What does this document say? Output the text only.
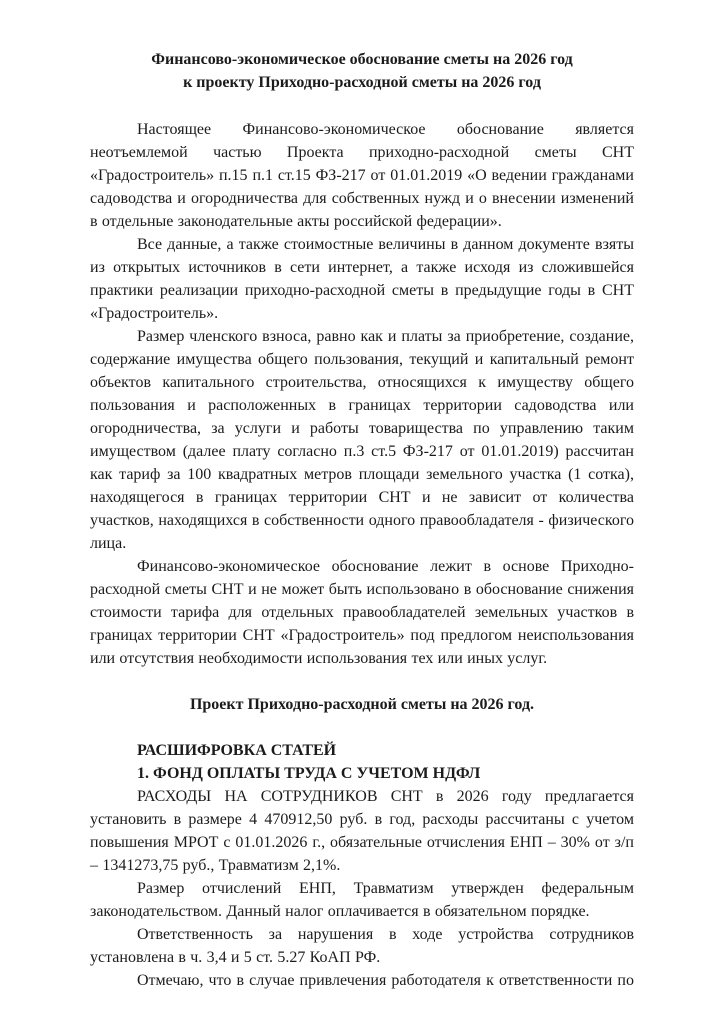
Финансово-экономическое обоснование сметы на 2026 год
к проекту Приходно-расходной сметы на 2026 год

Настоящее Финансово-экономическое обоснование является неотъемлемой частью Проекта приходно-расходной сметы СНТ «Градостроитель» п.15 п.1 ст.15 ФЗ-217 от 01.01.2019 «О ведении гражданами садоводства и огородничества для собственных нужд и о внесении изменений в отдельные законодательные акты российской федерации».

Все данные, а также стоимостные величины в данном документе взяты из открытых источников в сети интернет, а также исходя из сложившейся практики реализации приходно-расходной сметы в предыдущие годы в СНТ «Градостроитель».

Размер членского взноса, равно как и платы за приобретение, создание, содержание имущества общего пользования, текущий и капитальный ремонт объектов капитального строительства, относящихся к имуществу общего пользования и расположенных в границах территории садоводства или огородничества, за услуги и работы товарищества по управлению таким имуществом (далее плату согласно п.3 ст.5 ФЗ-217 от 01.01.2019) рассчитан как тариф за 100 квадратных метров площади земельного участка (1 сотка), находящегося в границах территории СНТ и не зависит от количества участков, находящихся в собственности одного правообладателя - физического лица.

Финансово-экономическое обоснование лежит в основе Приходно-расходной сметы СНТ и не может быть использовано в обоснование снижения стоимости тарифа для отдельных правообладателей земельных участков в границах территории СНТ «Градостроитель» под предлогом неиспользования или отсутствия необходимости использования тех или иных услуг.

Проект Приходно-расходной сметы на 2026 год.

РАСШИФРОВКА СТАТЕЙ

1. ФОНД ОПЛАТЫ ТРУДА С УЧЕТОМ НДФЛ

РАСХОДЫ НА СОТРУДНИКОВ СНТ в 2026 году предлагается установить в размере 4 470912,50 руб. в год, расходы рассчитаны с учетом повышения МРОТ с 01.01.2026 г., обязательные отчисления ЕНП – 30% от з/п – 1341273,75 руб., Травматизм 2,1%.

Размер отчислений ЕНП, Травматизм утвержден федеральным законодательством. Данный налог оплачивается в обязательном порядке.

Ответственность за нарушения в ходе устройства сотрудников установлена в ч. 3,4 и 5 ст. 5.27 КоАП РФ.

Отмечаю, что в случае привлечения работодателя к ответственности по
